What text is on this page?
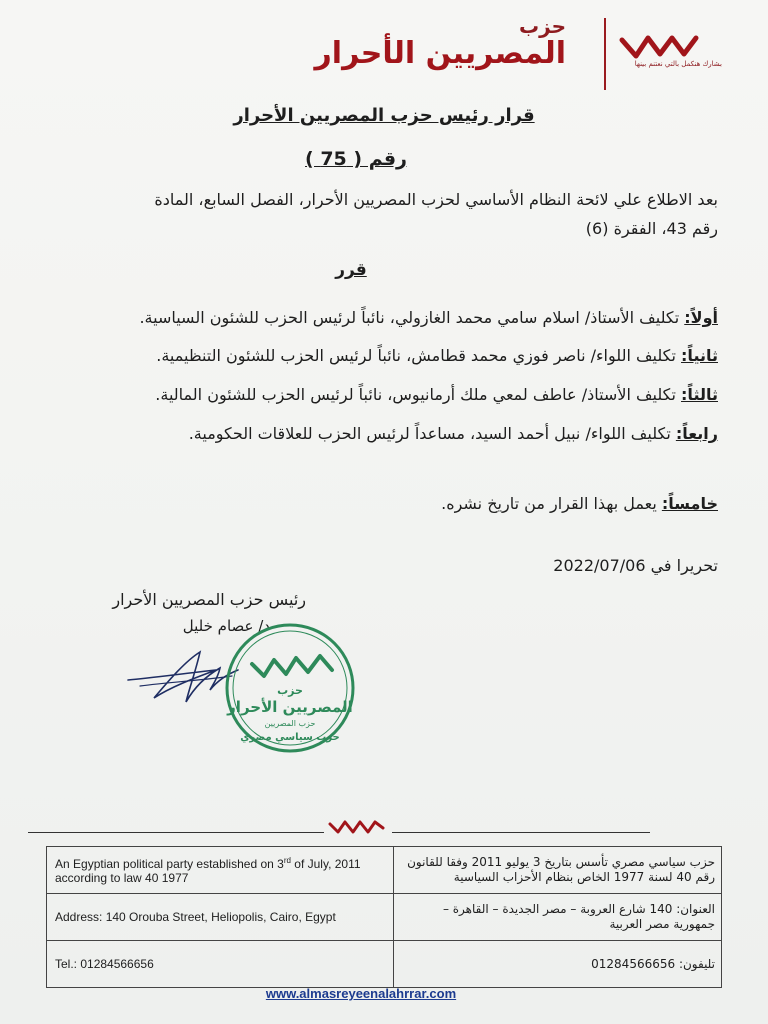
حزب
المصريين الأحرار	بشارك هنكمل بالتي نعتنم بينها
قرار رئيس حزب المصريين الأحرار
رقم ( 75 )
بعد الاطلاع علي لائحة النظام الأساسي لحزب المصريين الأحرار، الفصل السابع، المادة
رقم 43، الفقرة (6)
قرر
أولاً: تكليف الأستاذ/ اسلام سامي محمد الغازولي، نائباً لرئيس الحزب للشئون السياسية.
ثانياً: تكليف اللواء/ ناصر فوزي محمد قطامش، نائباً لرئيس الحزب للشئون التنظيمية.
ثالثاً: تكليف الأستاذ/ عاطف لمعي ملك أرمانيوس، نائباً لرئيس الحزب للشئون المالية.
رابعاً: تكليف اللواء/ نبيل أحمد السيد، مساعداً لرئيس الحزب للعلاقات الحكومية.
خامساً: يعمل بهذا القرار من تاريخ نشره.
تحريرا في 2022/07/06
رئيس حزب المصريين الأحرار
د/ عصام خليل
حزب
المصريين الأحرار
حزب المصريين
حزب سياسي مصري
An Egyptian political party established on 3rd of July, 2011 according to law 40 1977	حزب سياسي مصري تأسس بتاريخ 3 يوليو 2011 وفقا للقانون رقم 40 لسنة 1977 الخاص بنظام الأحزاب السياسية
Address: 140 Orouba Street, Heliopolis, Cairo, Egypt	العنوان: 140 شارع العروبة – مصر الجديدة – القاهرة – جمهورية مصر العربية
Tel.: 01284566656	تليفون: 01284566656
www.almasreyeenalahrrar.com
